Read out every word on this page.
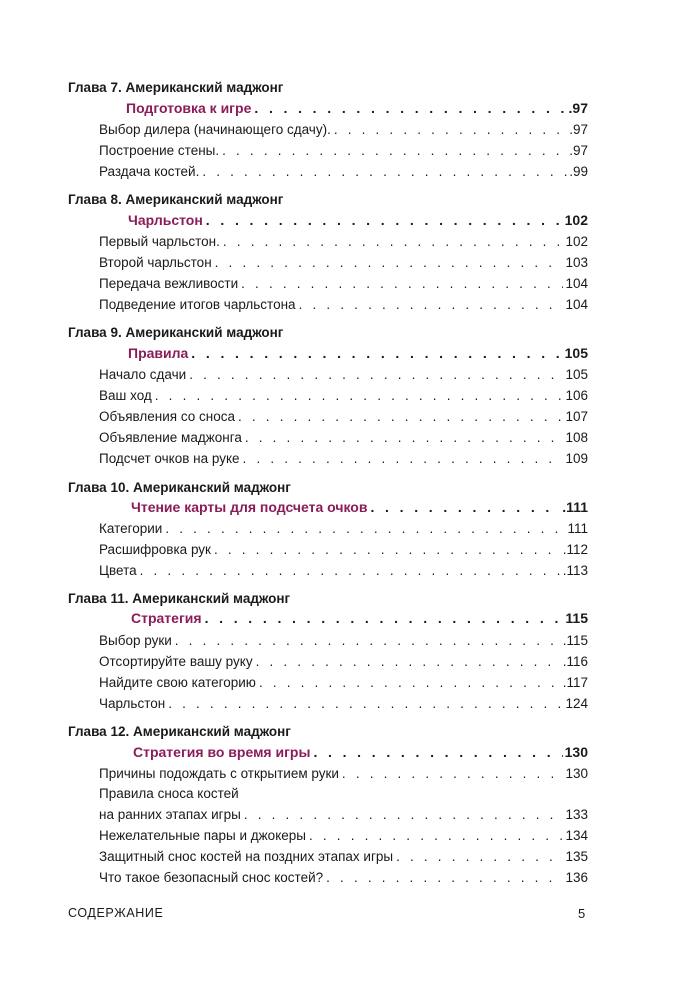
Глава 7. Американский маджонг
Подготовка к игре . . .	.97
Выбор дилера (начинающего сдачу). . . .	.97
Построение стены. . . .	.97
Раздача костей. . . .	.99
Глава 8. Американский маджонг
Чарльстон . . .	102
Первый чарльстон. . . .	102
Второй чарльстон . . .	103
Передача вежливости . . .	104
Подведение итогов чарльстона . . .	104
Глава 9. Американский маджонг
Правила . . .	105
Начало сдачи . . .	105
Ваш ход . . .	106
Объявления со сноса . . .	107
Объявление маджонга . . .	108
Подсчет очков на руке . . .	109
Глава 10. Американский маджонг
Чтение карты для подсчета очков . . .	.111
Категории . . .	111
Расшифровка рук . . .	.112
Цвета . . .	.113
Глава 11. Американский маджонг
Стратегия . . .	115
Выбор руки . . .	.115
Отсортируйте вашу руку . . .	.116
Найдите свою категорию . . .	.117
Чарльстон . . .	124
Глава 12. Американский маджонг
Стратегия во время игры . . .	130
Причины подождать с открытием руки . . .	130
Правила сноса костей
на ранних этапах игры . . .	133
Нежелательные пары и джокеры . . .	134
Защитный снос костей на поздних этапах игры . . .	135
Что такое безопасный снос костей? . . .	136
СОДЕРЖАНИЕ	5
